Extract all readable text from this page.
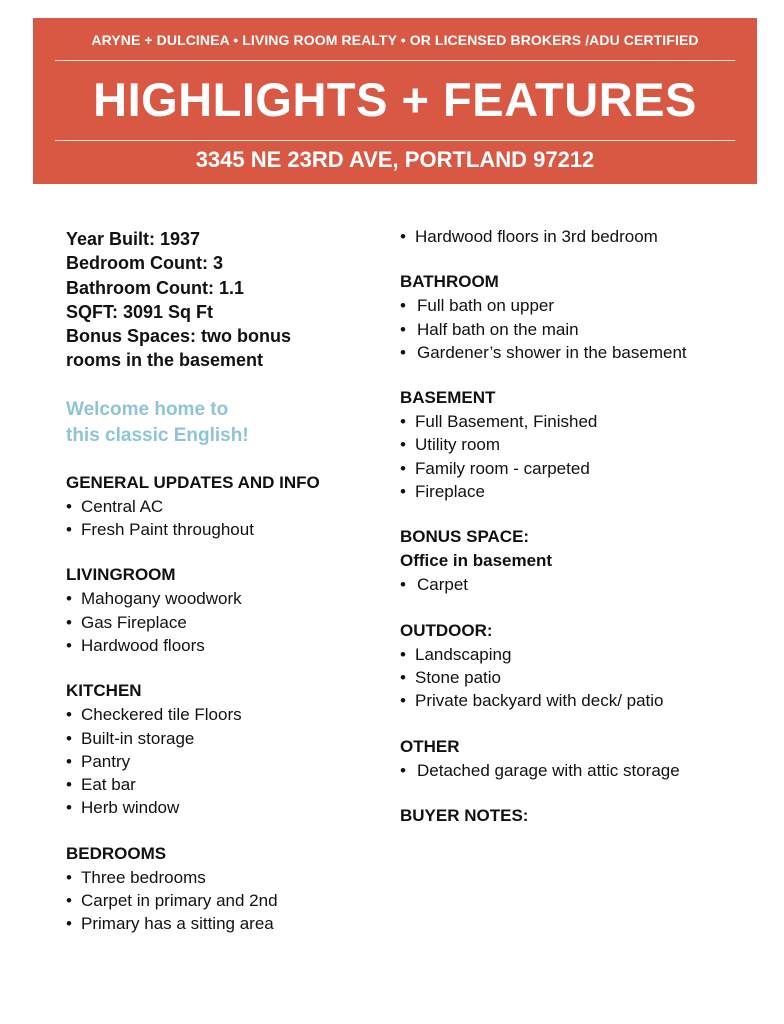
ARYNE + DULCINEA • LIVING ROOM REALTY • OR LICENSED BROKERS /ADU CERTIFIED
HIGHLIGHTS + FEATURES
3345 NE 23RD AVE, PORTLAND 97212
Year Built: 1937
Bedroom Count: 3
Bathroom Count: 1.1
SQFT: 3091 Sq Ft
Bonus Spaces: two bonus
rooms in the basement
Welcome home to
this classic English!
GENERAL UPDATES AND INFO
• Central AC
• Fresh Paint throughout
LIVINGROOM
• Mahogany woodwork
• Gas Fireplace
• Hardwood floors
KITCHEN
• Checkered tile Floors
• Built-in storage
• Pantry
• Eat bar
• Herb window
BEDROOMS
• Three bedrooms
• Carpet in primary and 2nd
• Primary has a sitting area
• Hardwood floors in 3rd bedroom
BATHROOM
• Full bath on upper
• Half bath on the main
• Gardener’s shower in the basement
BASEMENT
• Full Basement, Finished
• Utility room
• Family room - carpeted
• Fireplace
BONUS SPACE:
Office in basement
• Carpet
OUTDOOR:
• Landscaping
• Stone patio
• Private backyard with deck/ patio
OTHER
• Detached garage with attic storage
BUYER NOTES:
